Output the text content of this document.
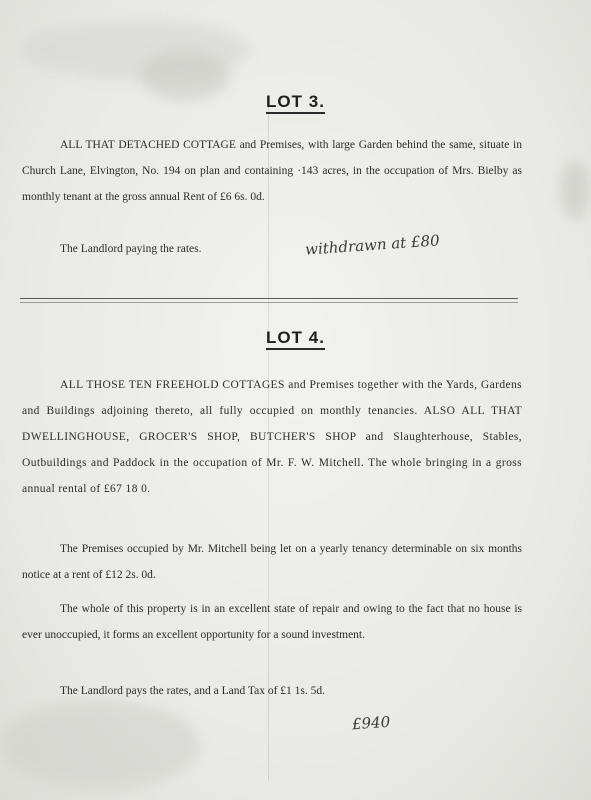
LOT 3.

ALL THAT DETACHED COTTAGE and Premises, with large Garden behind the same, situate in Church Lane, Elvington, No. 194 on plan and containing ·143 acres, in the occupation of Mrs. Bielby as monthly tenant at the gross annual Rent of £6 6s. 0d.

The Landlord paying the rates.	withdrawn at £80
LOT 4.

ALL THOSE TEN FREEHOLD COTTAGES and Premises together with the Yards, Gardens and Buildings adjoining thereto, all fully occupied on monthly tenancies. ALSO ALL THAT DWELLINGHOUSE, GROCER'S SHOP, BUTCHER'S SHOP and Slaughterhouse, Stables, Outbuildings and Paddock in the occupation of Mr. F. W. Mitchell. The whole bringing in a gross annual rental of £67 18 0.

The Premises occupied by Mr. Mitchell being let on a yearly tenancy determinable on six months notice at a rent of £12 2s. 0d.

The whole of this property is in an excellent state of repair and owing to the fact that no house is ever unoccupied, it forms an excellent opportunity for a sound investment.

The Landlord pays the rates, and a Land Tax of £1 1s. 5d.
£940
